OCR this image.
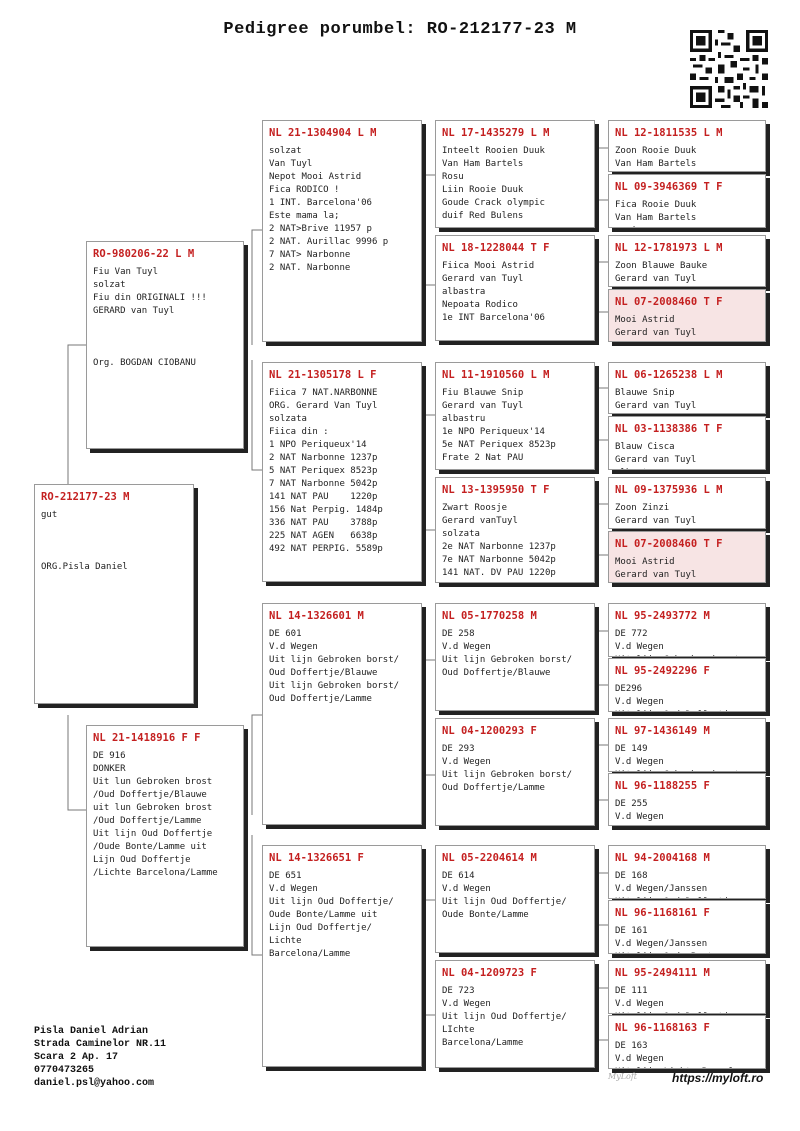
Pedigree porumbel: RO-212177-23 M
RO-212177-23 M
gut

ORG.Pisla Daniel
RO-980206-22 L M
Fiu Van Tuyl
solzat
Fiu din ORIGINALI !!!
GERARD van Tuyl

Org. BOGDAN CIOBANU
NL 21-1418916 F F
DE 916
DONKER
Uit lun Gebroken brost
/Oud Doffertje/Blauwe
uit lun Gebroken brost
/Oud Doffertje/Lamme
Uit lijn Oud Doffertje
/Oude Bonte/Lamme uit
Lijn Oud Doffertje
/Lichte Barcelona/Lamme
NL 21-1304904 L M
solzat
Van Tuyl
Nepot Mooi Astrid
Fica RODICO !
1 INT. Barcelona'06
Este mama la;
2 NAT>Brive 11957 p
2 NAT. Aurillac 9996 p
7 NAT> Narbonne
2 NAT. Narbonne
NL 21-1305178 L F
Fiica 7 NAT.NARBONNE
ORG. Gerard Van Tuyl
solzata
Fiica din :
1 NPO Periqueux'14
2 NAT Narbonne 1237p
5 NAT Periquex 8523p
7 NAT Narbonne 5042p
141 NAT PAU    1220p
156 Nat Perpig. 1484p
336 NAT PAU    3788p
225 NAT AGEN   6638p
492 NAT PERPIG. 5589p
NL 14-1326601 M
DE 601
V.d Wegen
Uit lijn Gebroken borst/
Oud Doffertje/Blauwe
Uit lijn Gebroken borst/
Oud Doffertje/Lamme
NL 14-1326651 F
DE 651
V.d Wegen
Uit lijn Oud Doffertje/
Oude Bonte/Lamme uit
Lijn Oud Doffertje/
Lichte
Barcelona/Lamme
NL 17-1435279 L M
Inteelt Rooien Duuk
Van Ham Bartels
Rosu
Liin Rooie Duuk
Goude Crack olympic
duif Red Bulens
NL 18-1228044 T F
Fiica Mooi Astrid
Gerard van Tuyl
albastra
Nepoata Rodico
1e INT Barcelona'06
NL 11-1910560 L M
Fiu Blauwe Snip
Gerard van Tuyl
albastru
1e NPO Periqueux'14
5e NAT Periquex 8523p
Frate 2 Nat PAU
NL 13-1395950 T F
Zwart Roosje
Gerard vanTuyl
solzata
2e NAT Narbonne 1237p
7e NAT Narbonne 5042p
141 NAT. DV PAU 1220p
NL 05-1770258 M
DE 258
V.d Wegen
Uit lijn Gebroken borst/
Oud Doffertje/Blauwe
NL 04-1200293 F
DE 293
V.d Wegen
Uit lijn Gebroken borst/
Oud Doffertje/Lamme
NL 05-2204614 M
DE 614
V.d Wegen
Uit lijn Oud Doffertje/
Oude Bonte/Lamme
NL 04-1209723 F
DE 723
V.d Wegen
Uit lijn Oud Doffertje/
LIchte
Barcelona/Lamme
NL 12-1811535 L M
Zoon Rooie Duuk
Van Ham Bartels

NL 09-3946369 T F
Fica Rooie Duuk
Van Ham Bartels

NL 12-1781973 L M
Zoon Blauwe Bauke
Gerard van Tuyl

NL 07-2008460 T F
Mooi Astrid
Gerard van Tuyl

NL 06-1265238 L M
Blauwe Snip
Gerard van Tuyl

NL 03-1138386 T F
Blauw Cisca
Gerard van Tuyl

NL 09-1375936 L M
Zoon Zinzi
Gerard van Tuyl

NL 07-2008460 T F
Mooi Astrid
Gerard van Tuyl

NL 95-2493772 M
DE 772
V.d Wegen

NL 95-2492296 F
DE296
V.d Wegen

NL 97-1436149 M
DE 149
V.d Wegen

NL 96-1188255 F
DE 255
V.d Wegen

NL 94-2004168 M
DE 168
V.d Wegen/Janssen

NL 96-1168161 F
DE 161
V.d Wegen/Janssen

NL 95-2494111 M
DE 111
V.d Wegen

NL 96-1168163 F
DE 163
V.d Wegen

Pisla Daniel Adrian
Strada Caminelor NR.11
Scara 2 Ap. 17
0770473265
daniel.psl@yahoo.com
MyLoft	https://myloft.ro
